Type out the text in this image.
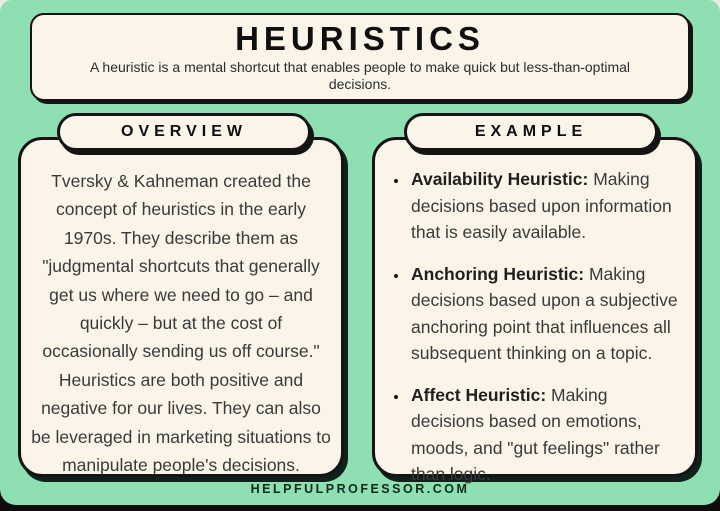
HEURISTICS
A heuristic is a mental shortcut that enables people to make quick but less-than-optimal decisions.
OVERVIEW	EXAMPLE

Tversky & Kahneman created the concept of heuristics in the early 1970s. They describe them as "judgmental shortcuts that generally get us where we need to go – and quickly – but at the cost of occasionally sending us off course." Heuristics are both positive and negative for our lives. They can also be leveraged in marketing situations to manipulate people's decisions.

• Availability Heuristic: Making decisions based upon information that is easily available.
• Anchoring Heuristic: Making decisions based upon a subjective anchoring point that influences all subsequent thinking on a topic.
• Affect Heuristic: Making decisions based on emotions, moods, and "gut feelings" rather than logic.
HELPFULPROFESSOR.COM
